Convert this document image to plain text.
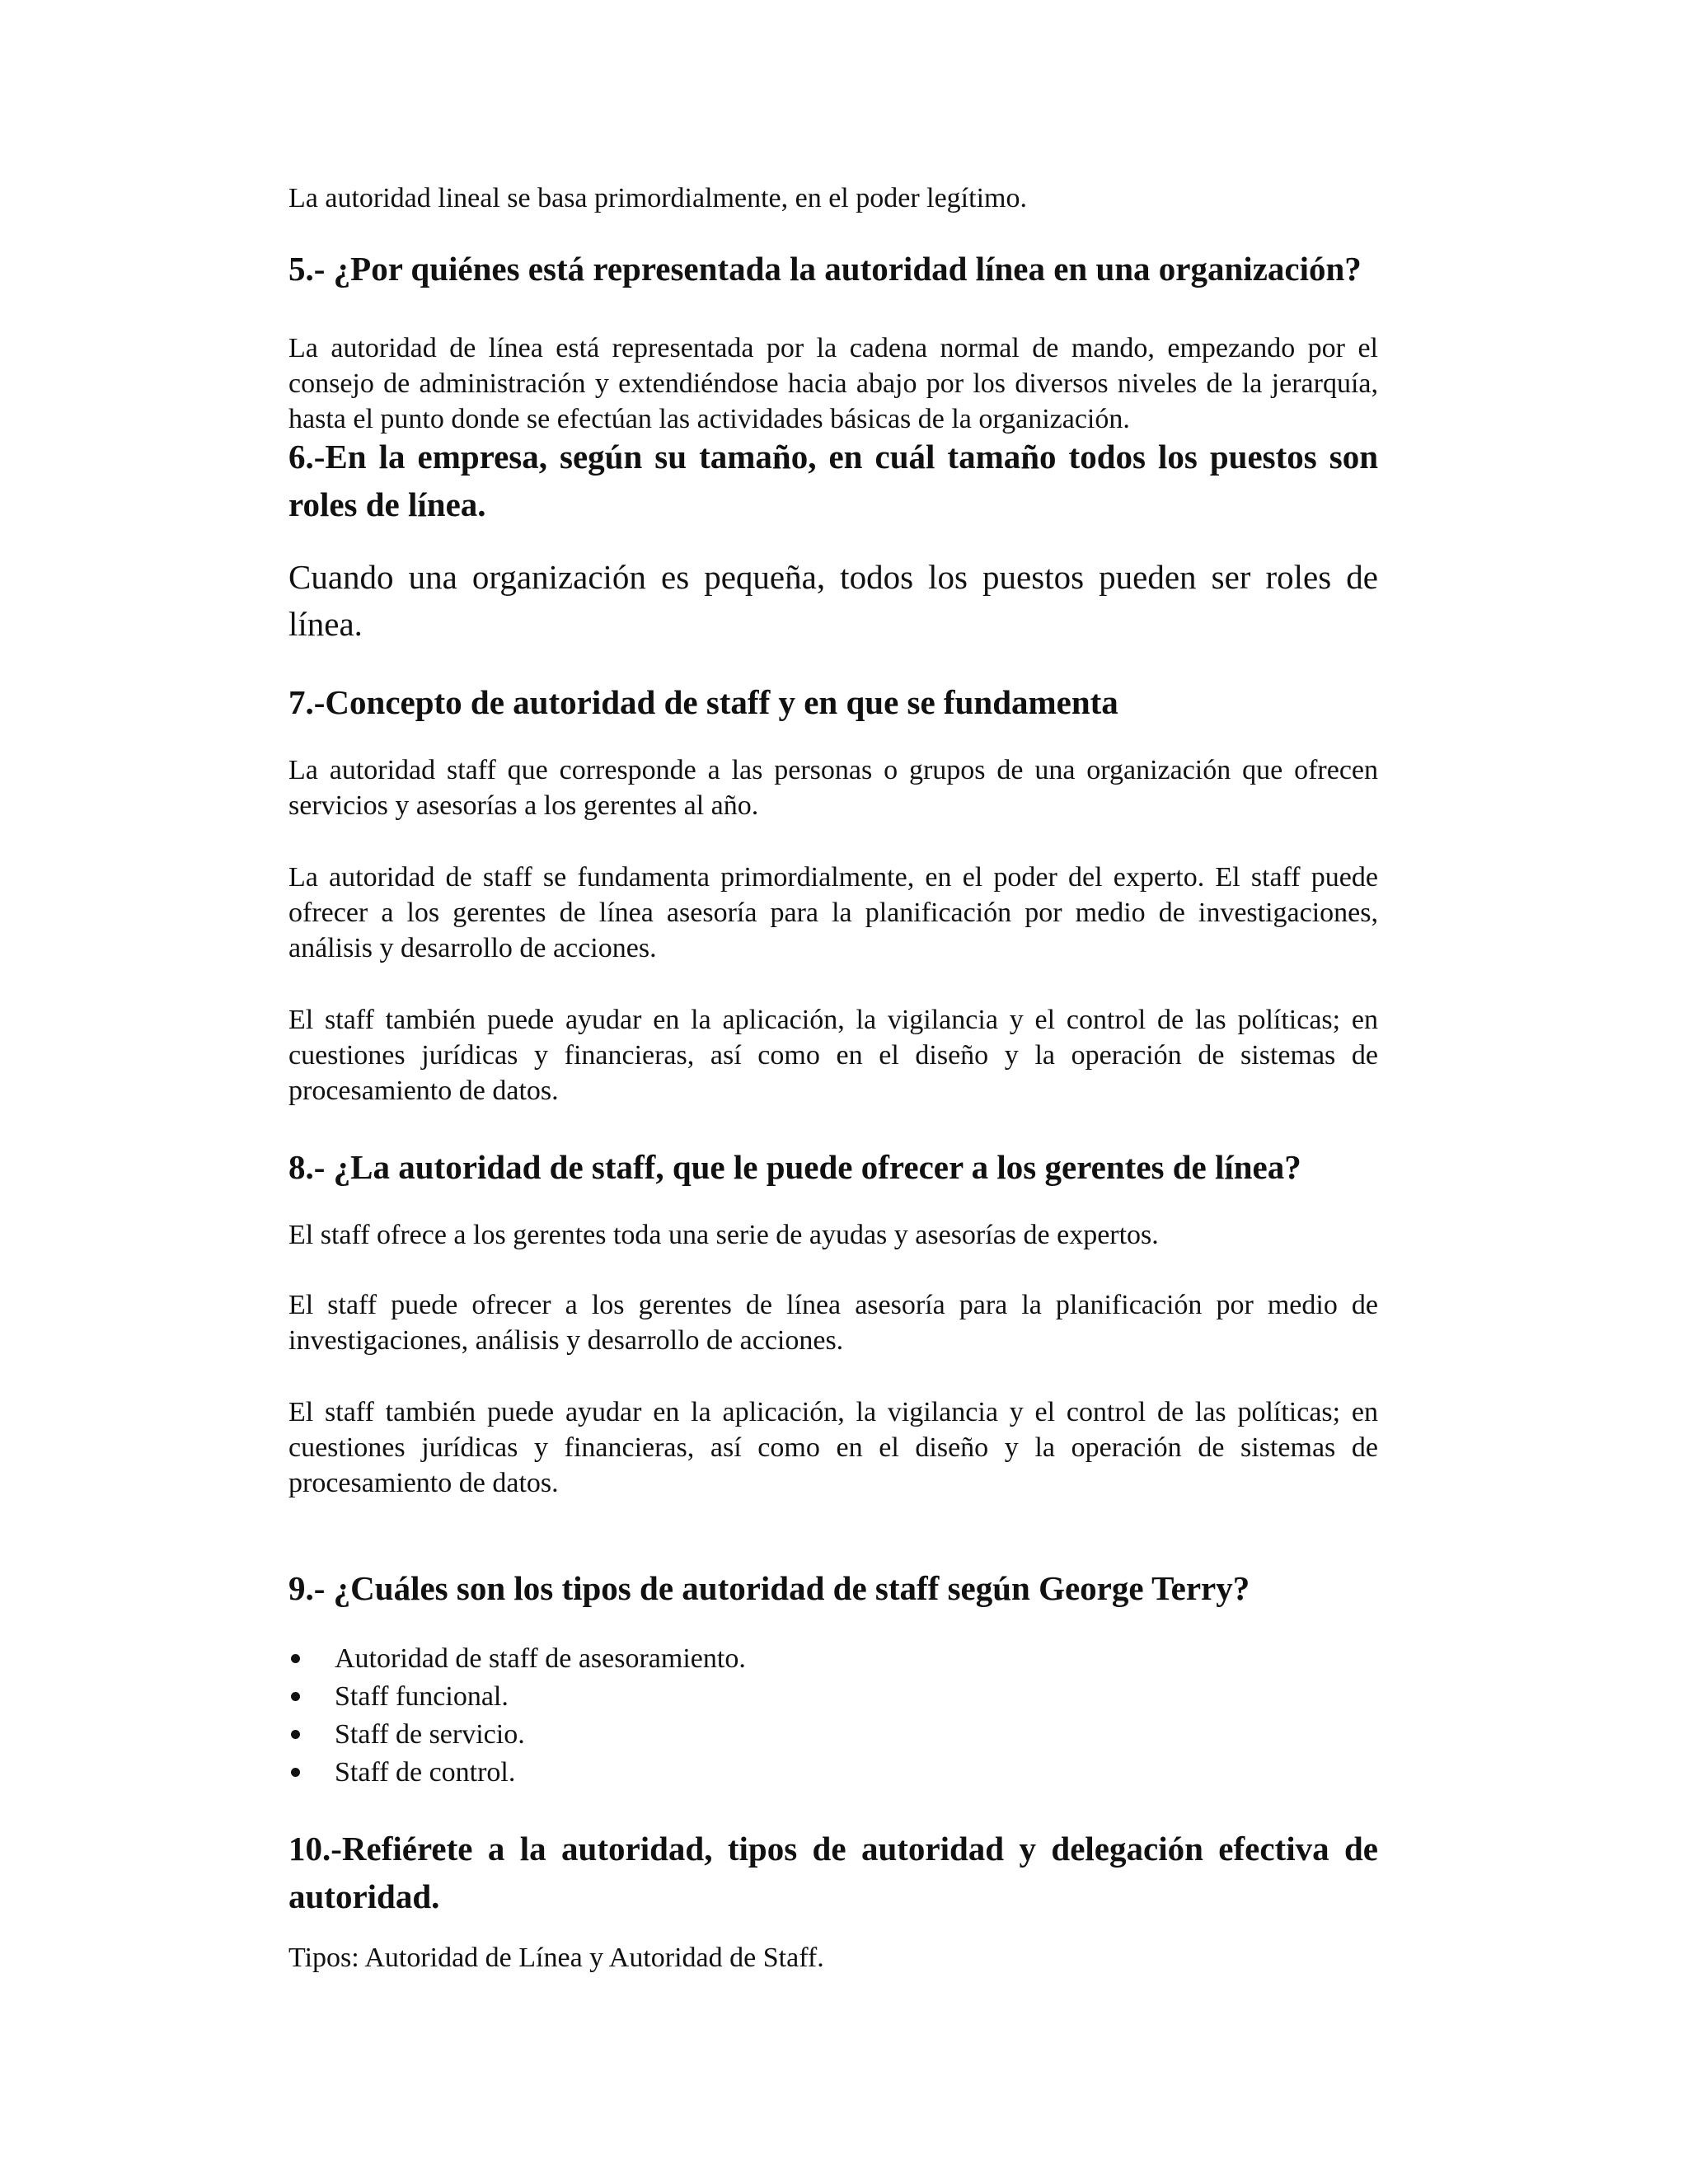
La autoridad lineal se basa primordialmente, en el poder legítimo.

5.- ¿Por quiénes está representada la autoridad línea en una organización?

La autoridad de línea está representada por la cadena normal de mando, empezando por el consejo de administración y extendiéndose hacia abajo por los diversos niveles de la jerarquía, hasta el punto donde se efectúan las actividades básicas de la organización.

6.-En la empresa, según su tamaño, en cuál tamaño todos los puestos son roles de línea.

Cuando una organización es pequeña, todos los puestos pueden ser roles de línea.

7.-Concepto de autoridad de staff y en que se fundamenta

La autoridad staff que corresponde a las personas o grupos de una organización que ofrecen servicios y asesorías a los gerentes al año.

La autoridad de staff se fundamenta primordialmente, en el poder del experto. El staff puede ofrecer a los gerentes de línea asesoría para la planificación por medio de investigaciones, análisis y desarrollo de acciones.

El staff también puede ayudar en la aplicación, la vigilancia y el control de las políticas; en cuestiones jurídicas y financieras, así como en el diseño y la operación de sistemas de procesamiento de datos.

8.- ¿La autoridad de staff, que le puede ofrecer a los gerentes de línea?

El staff ofrece a los gerentes toda una serie de ayudas y asesorías de expertos.

El staff puede ofrecer a los gerentes de línea asesoría para la planificación por medio de investigaciones, análisis y desarrollo de acciones.

El staff también puede ayudar en la aplicación, la vigilancia y el control de las políticas; en cuestiones jurídicas y financieras, así como en el diseño y la operación de sistemas de procesamiento de datos.

9.- ¿Cuáles son los tipos de autoridad de staff según George Terry?
Autoridad de staff de asesoramiento.
Staff funcional.
Staff de servicio.
Staff de control.
10.-Refiérete a la autoridad, tipos de autoridad y delegación efectiva de autoridad.

Tipos: Autoridad de Línea y Autoridad de Staff.
